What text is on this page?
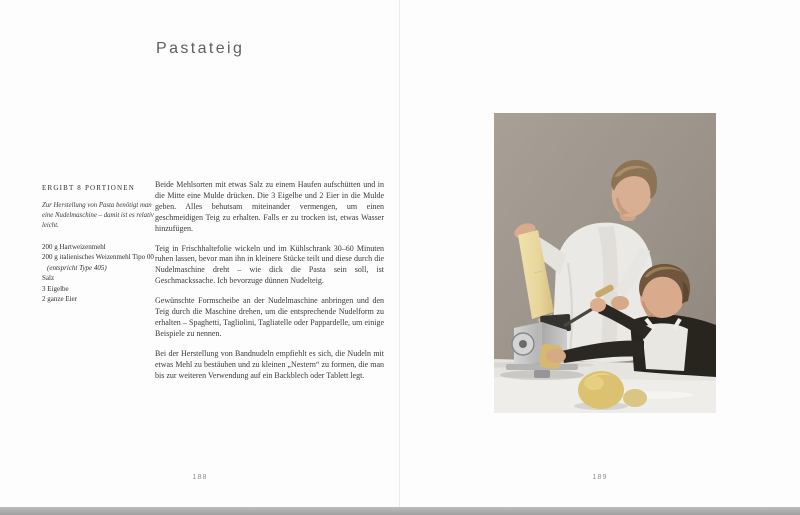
Pastateig
ERGIBT 8 PORTIONEN

Zur Herstellung von Pasta benötigt man eine Nudelmaschine – damit ist es relativ leicht.

200 g Hartweizenmehl
200 g italienisches Weizenmehl Tipo 00
(entspricht Type 405)
Salz
3 Eigelbe
2 ganze Eier

Beide Mehlsorten mit etwas Salz zu einem Haufen aufschütten und in die Mitte eine Mulde drücken. Die 3 Eigelbe und 2 Eier in die Mulde geben. Alles behutsam miteinander vermengen, um einen geschmeidigen Teig zu erhalten. Falls er zu trocken ist, etwas Wasser hinzufügen.

Teig in Frischhaltefolie wickeln und im Kühlschrank 30–60 Minuten ruhen lassen, bevor man ihn in kleinere Stücke teilt und diese durch die Nudelmaschine dreht – wie dick die Pasta sein soll, ist Geschmackssache. Ich bevorzuge dünnen Nudelteig.

Gewünschte Formscheibe an der Nudelmaschine anbringen und den Teig durch die Maschine drehen, um die entsprechende Nudelform zu erhalten – Spaghetti, Tagliolini, Tagliatelle oder Pappardelle, um einige Beispiele zu nennen.

Bei der Herstellung von Bandnudeln empfiehlt es sich, die Nudeln mit etwas Mehl zu bestäuben und zu kleinen „Nestern“ zu formen, die man bis zur weiteren Verwendung auf ein Backblech oder Tablett legt.

188	189
